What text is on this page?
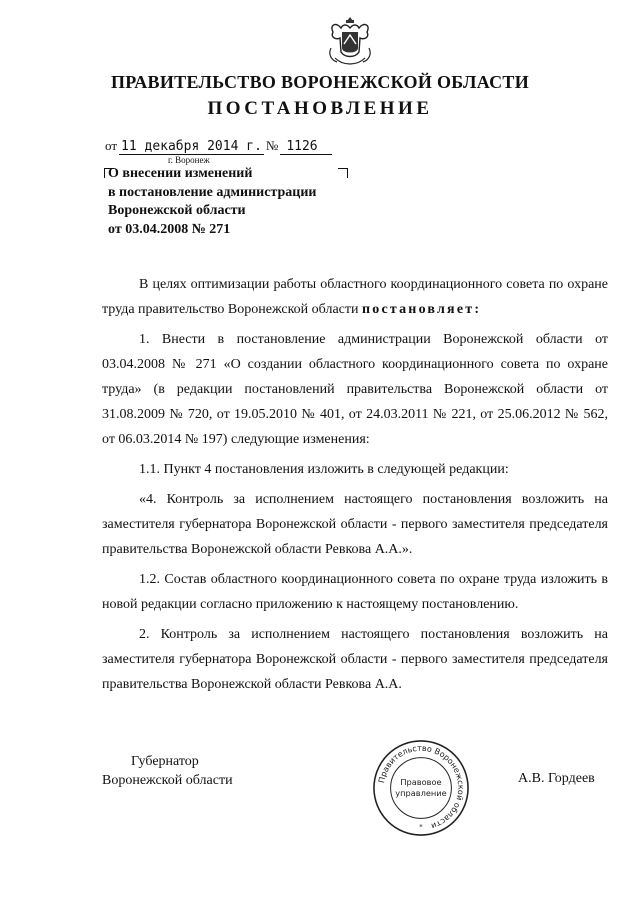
ПРАВИТЕЛЬСТВО ВОРОНЕЖСКОЙ ОБЛАСТИ
ПОСТАНОВЛЕНИЕ
от 11 декабря 2014 г. № 1126
г. Воронеж
О внесении изменений
в постановление администрации
Воронежской области
от 03.04.2008 № 271

В целях оптимизации работы областного координационного совета по охране труда правительство Воронежской области постановляет:

1. Внести в постановление администрации Воронежской области от 03.04.2008 № 271 «О создании областного координационного совета по охране труда» (в редакции постановлений правительства Воронежской области от 31.08.2009 № 720, от 19.05.2010 № 401, от 24.03.2011 № 221, от 25.06.2012 № 562, от 06.03.2014 № 197) следующие изменения:

1.1. Пункт 4 постановления изложить в следующей редакции:

«4. Контроль за исполнением настоящего постановления возложить на заместителя губернатора Воронежской области - первого заместителя председателя правительства Воронежской области Ревкова А.А.».

1.2. Состав областного координационного совета по охране труда изложить в новой редакции согласно приложению к настоящему постановлению.

2. Контроль за исполнением настоящего постановления возложить на заместителя губернатора Воронежской области - первого заместителя председателя правительства Воронежской области Ревкова А.А.

Губернатор
Воронежской области	Правительство Воронежской области
Правовое
управление
*
А.В. Гордеев
